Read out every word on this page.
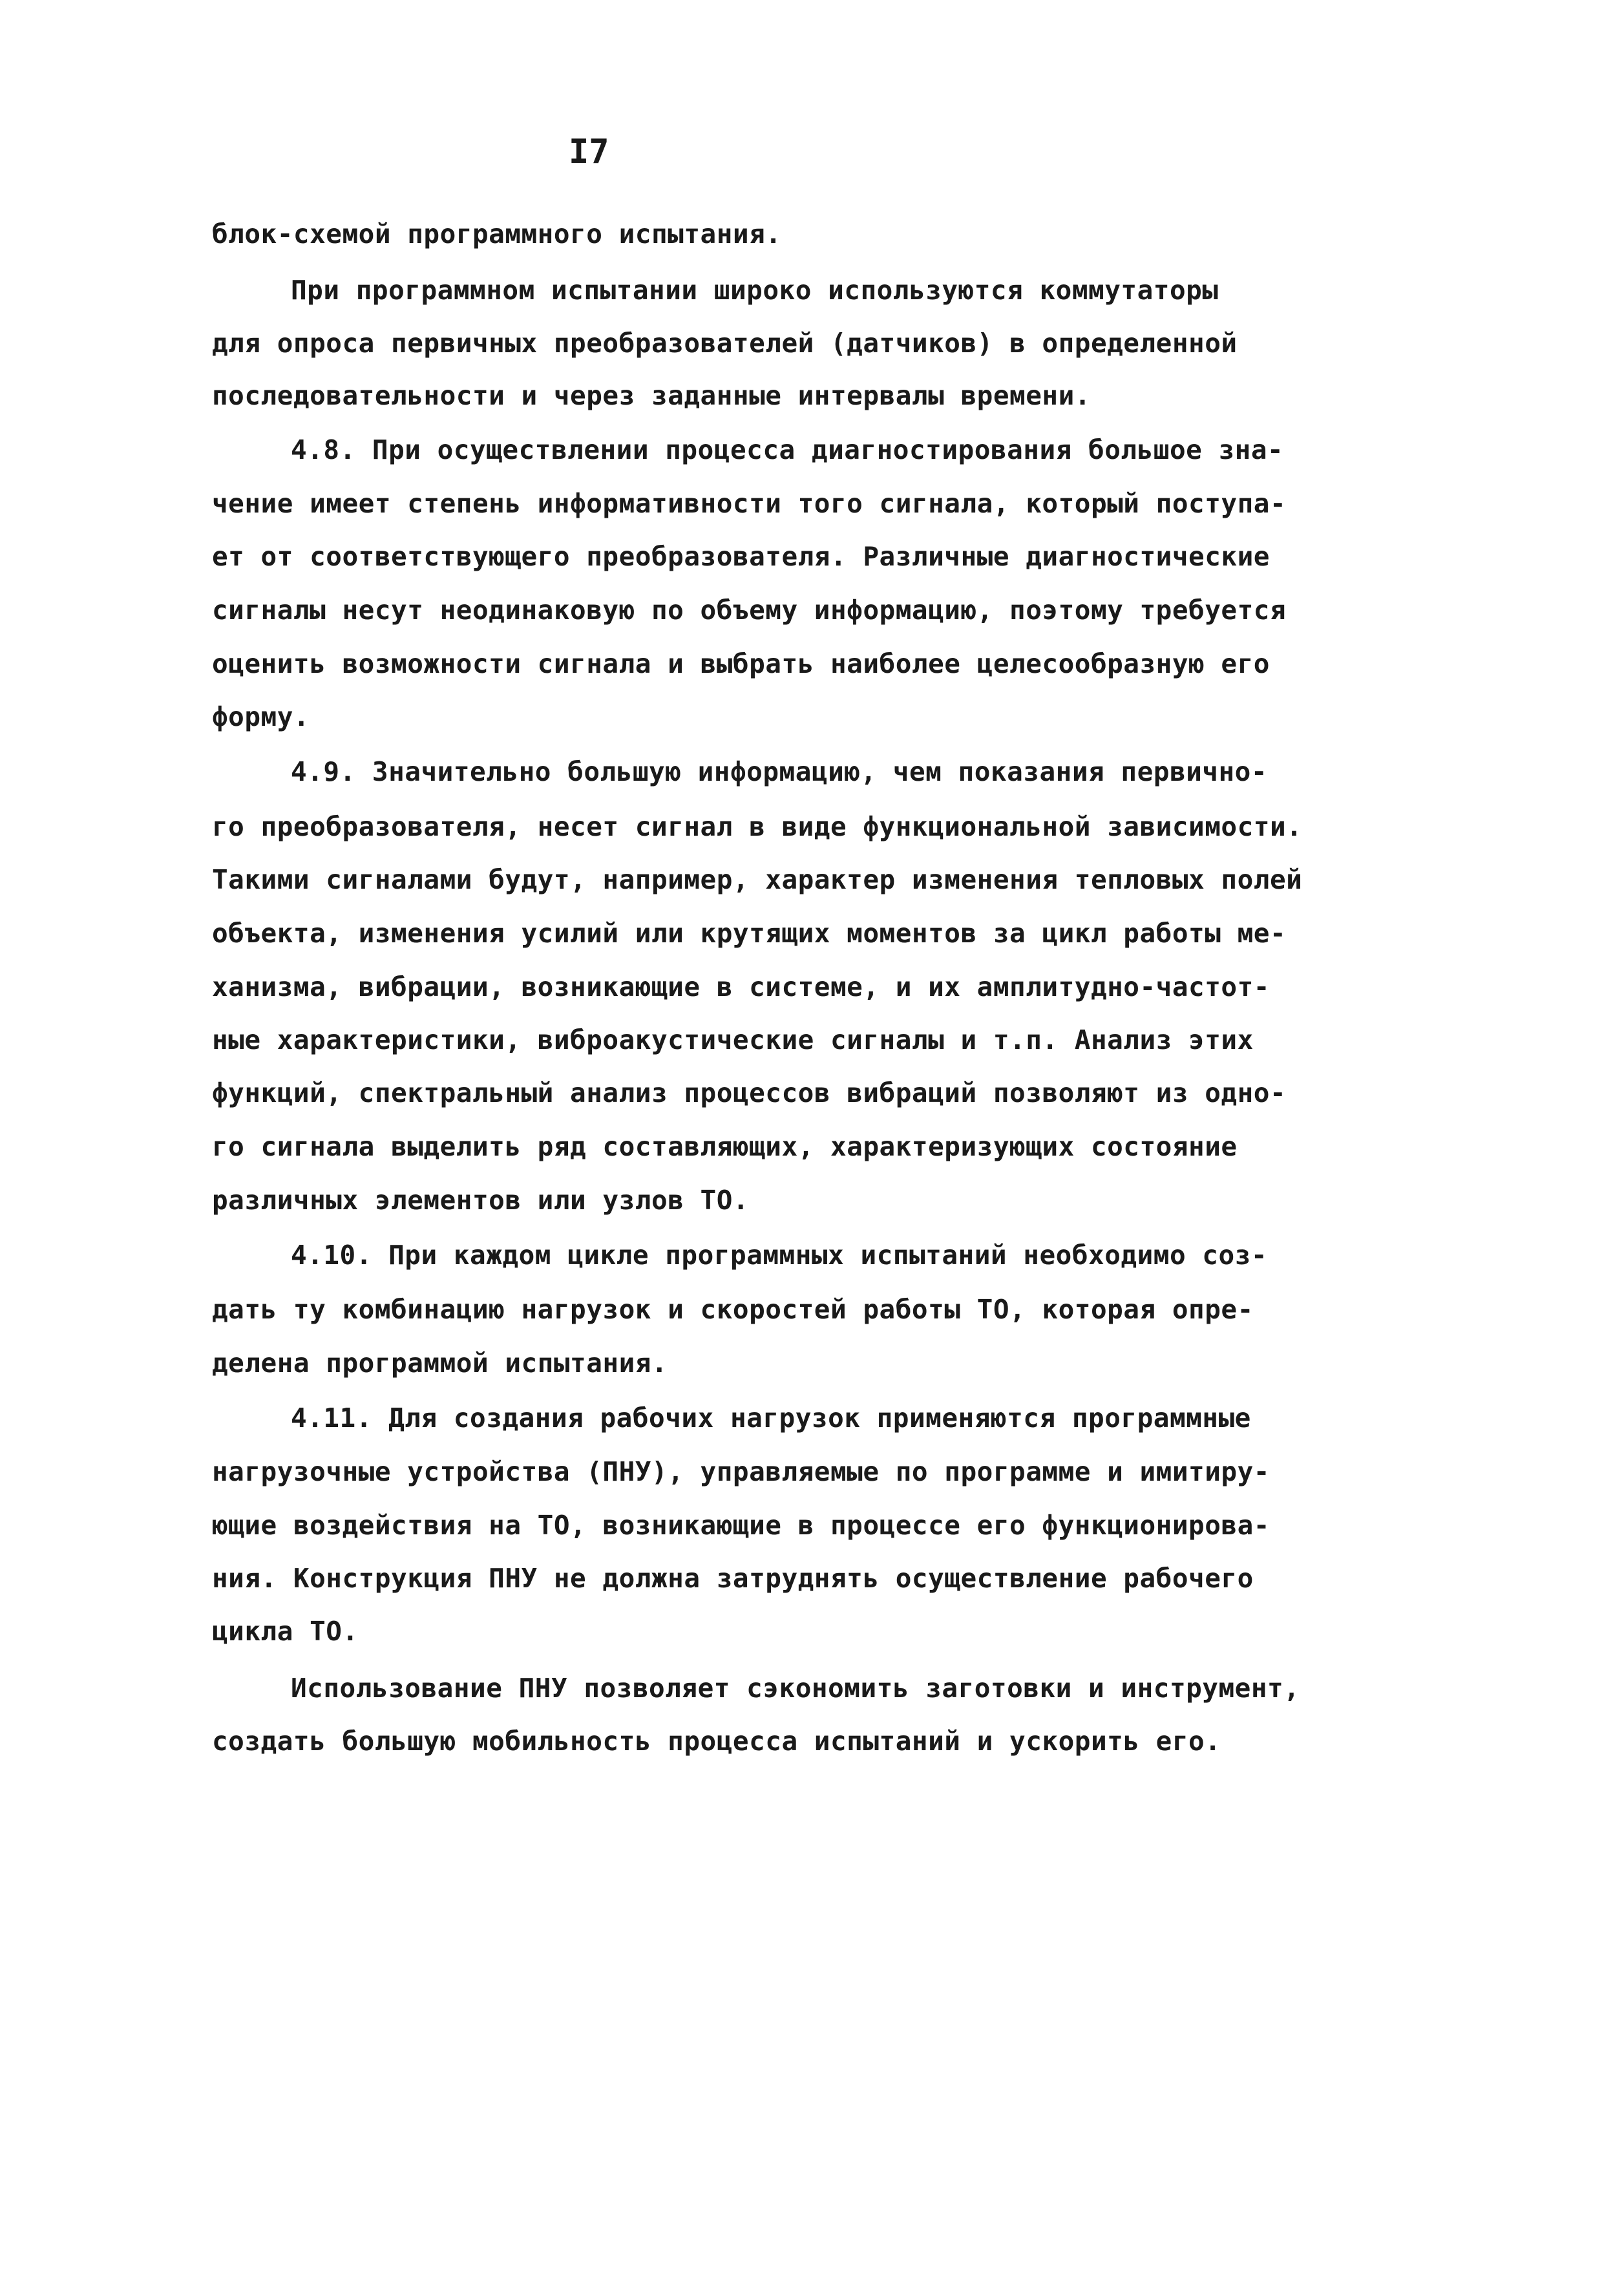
I7
блок-схемой программного испытания.
При программном испытании широко используются коммутаторы
для опроса первичных преобразователей (датчиков) в определенной
последовательности и через заданные интервалы времени.
4.8. При осуществлении процесса диагностирования большое зна-
чение имеет степень информативности того сигнала, который поступа-
ет от соответствующего преобразователя. Различные диагностические
сигналы несут неодинаковую по объему информацию, поэтому требуется
оценить возможности сигнала и выбрать наиболее целесообразную его
форму.
4.9. Значительно большую информацию, чем показания первично-
го преобразователя, несет сигнал в виде функциональной зависимости.
Такими сигналами будут, например, характер изменения тепловых полей
объекта, изменения усилий или крутящих моментов за цикл работы ме-
ханизма, вибрации, возникающие в системе, и их амплитудно-частот-
ные характеристики, виброакустические сигналы и т.п. Анализ этих
функций, спектральный анализ процессов вибраций позволяют из одно-
го сигнала выделить ряд составляющих, характеризующих состояние
различных элементов или узлов ТО.
4.10. При каждом цикле программных испытаний необходимо соз-
дать ту комбинацию нагрузок и скоростей работы ТО, которая опре-
делена программой испытания.
4.11. Для создания рабочих нагрузок применяются программные
нагрузочные устройства (ПНУ), управляемые по программе и имитиру-
ющие воздействия на ТО, возникающие в процессе его функционирова-
ния. Конструкция ПНУ не должна затруднять осуществление рабочего
цикла ТО.
Использование ПНУ позволяет сэкономить заготовки и инструмент,
создать большую мобильность процесса испытаний и ускорить его.
